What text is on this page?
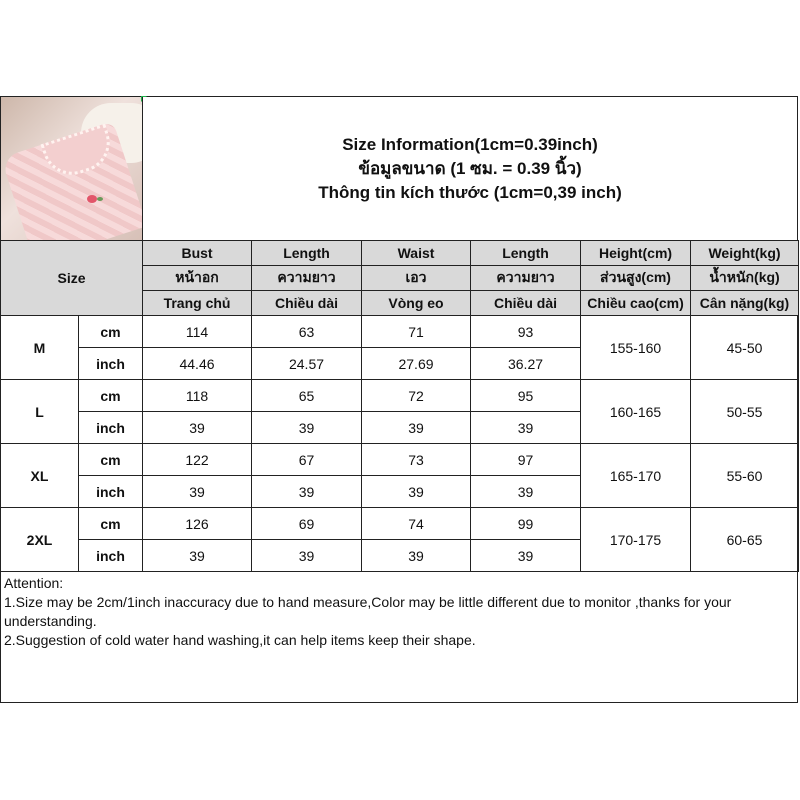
Size Information(1cm=0.39inch)
ข้อมูลขนาด (1 ซม. = 0.39 นิ้ว)
Thông tin kích thước (1cm=0,39 inch)
Size		Bust	Length	Waist	Length	Height(cm)	Weight(kg)
		หน้าอก	ความยาว	เอว	ความยาว	ส่วนสูง(cm)	น้ำหนัก(kg)
		Trang chủ	Chiều dài	Vòng eo	Chiều dài	Chiều cao(cm)	Cân nặng(kg)
M	cm	114	63	71	93	155-160	45-50
	inch	44.46	24.57	27.69	36.27		
L	cm	118	65	72	95	160-165	50-55
	inch	39	39	39	39		
XL	cm	122	67	73	97	165-170	55-60
	inch	39	39	39	39		
2XL	cm	126	69	74	99	170-175	60-65
	inch	39	39	39	39		
Attention:
1.Size may be 2cm/1inch inaccuracy due to hand measure,Color may be little different due to monitor ,thanks for your understanding.
2.Suggestion of cold water hand washing,it can help items keep their shape.
